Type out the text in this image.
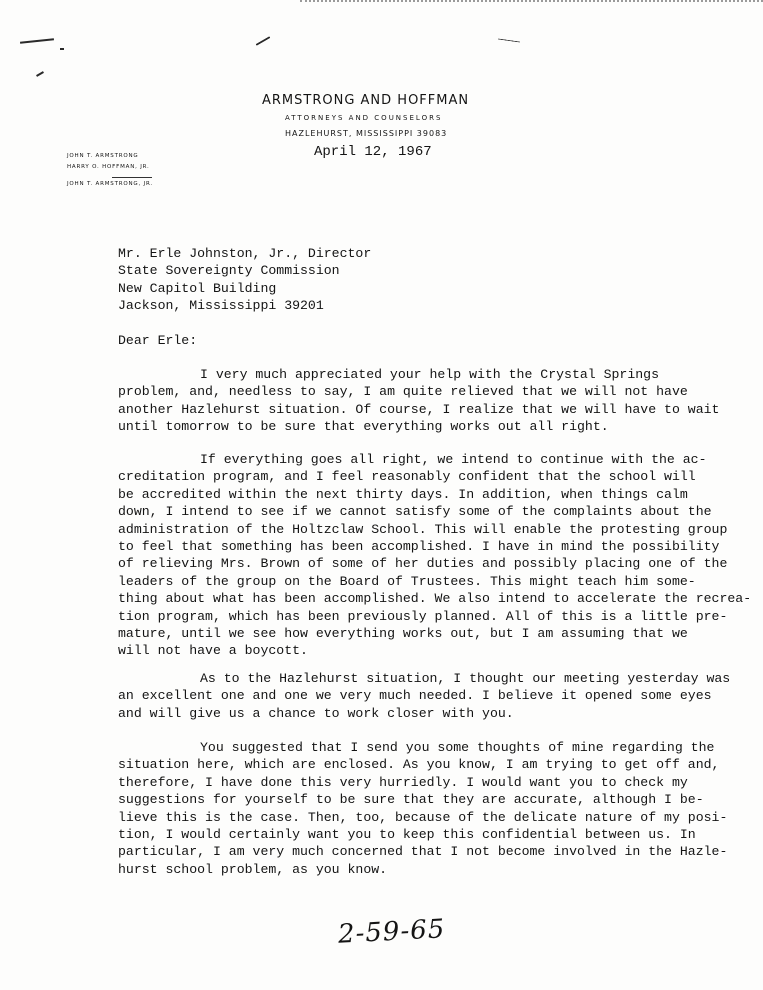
ARMSTRONG AND HOFFMAN
ATTORNEYS AND COUNSELORS
HAZLEHURST, MISSISSIPPI 39083
JOHN T. ARMSTRONG
HARRY O. HOFFMAN, JR.
JOHN T. ARMSTRONG, JR.
April 12, 1967
Mr. Erle Johnston, Jr., Director
State Sovereignty Commission
New Capitol Building
Jackson, Mississippi 39201
Dear Erle:
I very much appreciated your help with the Crystal Springs
problem, and, needless to say, I am quite relieved that we will not have
another Hazlehurst situation. Of course, I realize that we will have to wait
until tomorrow to be sure that everything works out all right.
If everything goes all right, we intend to continue with the ac-
creditation program, and I feel reasonably confident that the school will
be accredited within the next thirty days. In addition, when things calm
down, I intend to see if we cannot satisfy some of the complaints about the
administration of the Holtzclaw School. This will enable the protesting group
to feel that something has been accomplished. I have in mind the possibility
of relieving Mrs. Brown of some of her duties and possibly placing one of the
leaders of the group on the Board of Trustees. This might teach him some-
thing about what has been accomplished. We also intend to accelerate the recrea-
tion program, which has been previously planned. All of this is a little pre-
mature, until we see how everything works out, but I am assuming that we
will not have a boycott.
As to the Hazlehurst situation, I thought our meeting yesterday was
an excellent one and one we very much needed. I believe it opened some eyes
and will give us a chance to work closer with you.
You suggested that I send you some thoughts of mine regarding the
situation here, which are enclosed. As you know, I am trying to get off and,
therefore, I have done this very hurriedly. I would want you to check my
suggestions for yourself to be sure that they are accurate, although I be-
lieve this is the case. Then, too, because of the delicate nature of my posi-
tion, I would certainly want you to keep this confidential between us. In
particular, I am very much concerned that I not become involved in the Hazle-
hurst school problem, as you know.
2-59-65
